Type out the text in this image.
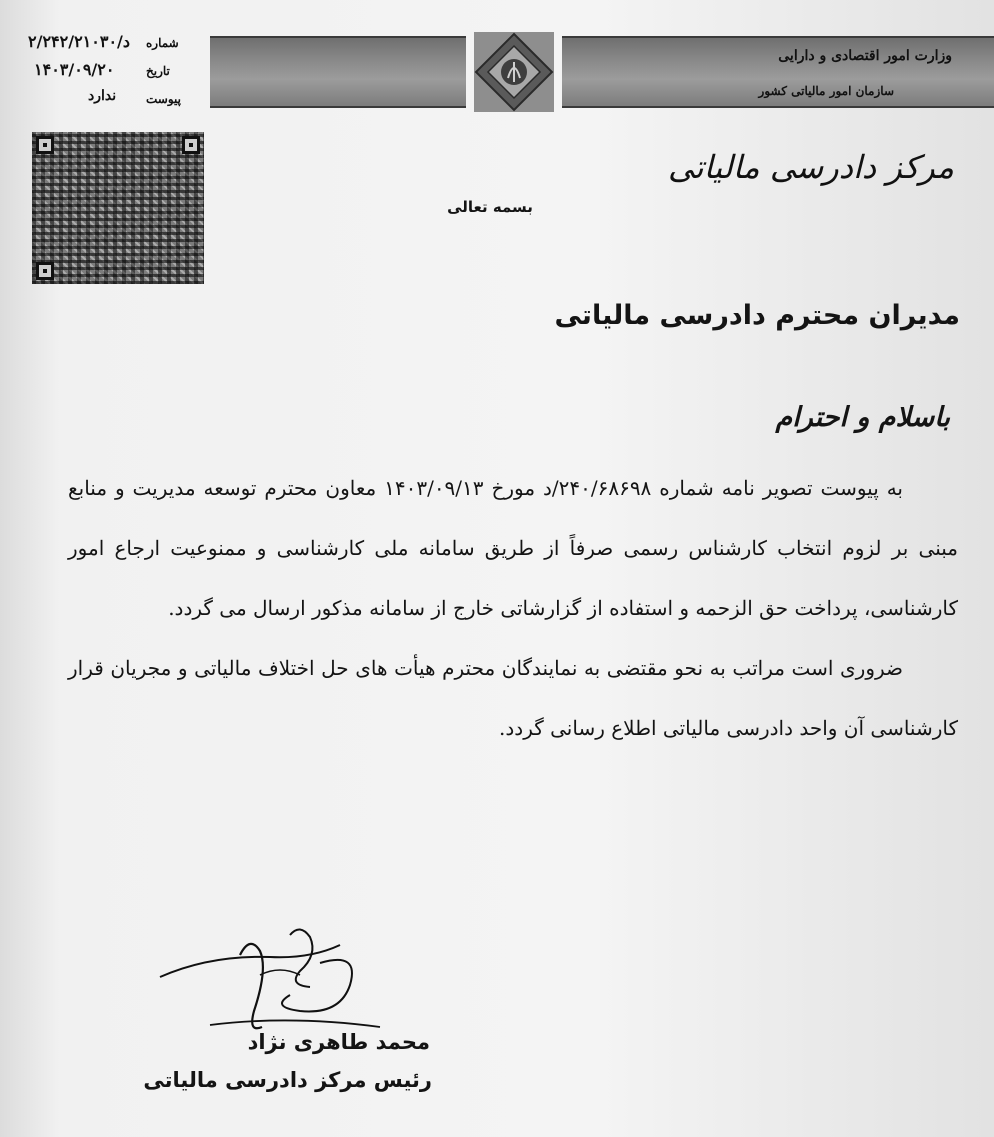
شماره
۲/۲۴۲/۲۱۰۳۰/د
تاریخ
۱۴۰۳/۰۹/۲۰
پیوست
ندارد
وزارت امور اقتصادی و دارایی
سازمان امور مالیاتی کشور
مرکز دادرسی مالیاتی
بسمه تعالی
مدیران محترم دادرسی مالیاتی
باسلام و احترام

به پیوست تصویر نامه شماره ۲۴۰/۶۸۶۹۸/د مورخ ۱۴۰۳/۰۹/۱۳ معاون محترم توسعه مدیریت و منابع مبنی بر لزوم انتخاب کارشناس رسمی صرفاً از طریق سامانه ملی کارشناسی و ممنوعیت ارجاع امور کارشناسی، پرداخت حق الزحمه و استفاده از گزارشاتی خارج از سامانه مذکور ارسال می گردد.

ضروری است مراتب به نحو مقتضی به نمایندگان محترم هیأت های حل اختلاف مالیاتی و مجریان قرار کارشناسی آن واحد دادرسی مالیاتی اطلاع رسانی گردد.

محمد طاهری نژاد
رئیس مرکز دادرسی مالیاتی
